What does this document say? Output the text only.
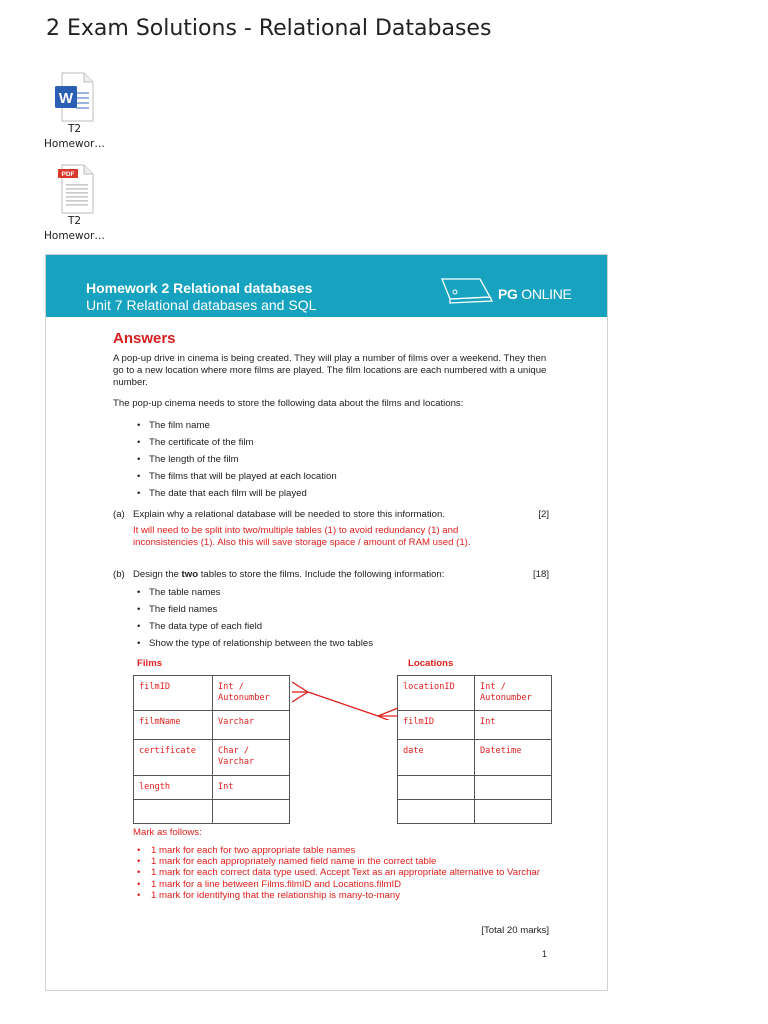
2 Exam Solutions - Relational Databases
W
T2
Homewor…
PDF
T2
Homewor…
Homework 2 Relational databases
Unit 7 Relational databases and SQL
PG ONLINE
Answers
A pop-up drive in cinema is being created. They will play a number of films over a weekend. They then go to a new location where more films are played. The film locations are each numbered with a unique number.
The pop-up cinema needs to store the following data about the films and locations:
• The film name
• The certificate of the film
• The length of the film
• The films that will be played at each location
• The date that each film will be played
(a) Explain why a relational database will be needed to store this information.	[2]
It will need to be split into two/multiple tables (1) to avoid redundancy (1) and inconsistencies (1). Also this will save storage space / amount of RAM used (1).
(b) Design the two tables to store the films. Include the following information:	[18]
• The table names
• The field names
• The data type of each field
• Show the type of relationship between the two tables
Films	Locations
filmID	Int / Autonumber
filmName	Varchar
certificate	Char / Varchar
length	Int

locationID	Int / Autonumber
filmID	Int
date	Datetime

Mark as follows:
• 1 mark for each for two appropriate table names
• 1 mark for each appropriately named field name in the correct table
• 1 mark for each correct data type used. Accept Text as an appropriate alternative to Varchar
• 1 mark for a line between Films.filmID and Locations.filmID
• 1 mark for identifying that the relationship is many-to-many
[Total 20 marks]
1
